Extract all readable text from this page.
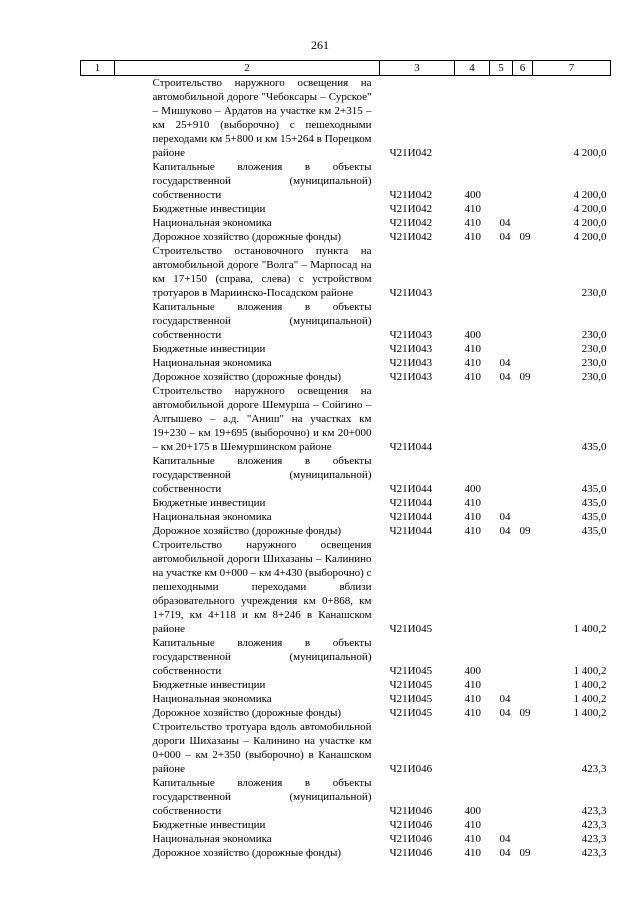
261
1	2	3	4	5	6	7
	Строительство наружного освещения на автомобильной дороге "Чебоксары – Сурское" – Мишуково – Ардатов на участке км 2+315 – км 25+910 (выборочно) с пешеходными переходами км 5+800 и км 15+264 в Порецком районе	Ч21И042				4 200,0
	Капитальные вложения в объекты государственной (муниципальной) собственности	Ч21И042	400			4 200,0
	Бюджетные инвестиции	Ч21И042	410			4 200,0
	Национальная экономика	Ч21И042	410	04		4 200,0
	Дорожное хозяйство (дорожные фонды)	Ч21И042	410	04	09	4 200,0
	Строительство остановочного пункта на автомобильной дороге "Волга" – Марпосад на км 17+150 (справа, слева) с устройством тротуаров в Мариинско-Посадском районе	Ч21И043				230,0
	Капитальные вложения в объекты государственной (муниципальной) собственности	Ч21И043	400			230,0
	Бюджетные инвестиции	Ч21И043	410			230,0
	Национальная экономика	Ч21И043	410	04		230,0
	Дорожное хозяйство (дорожные фонды)	Ч21И043	410	04	09	230,0
	Строительство наружного освещения на автомобильной дороге Шемурша – Сойгино – Алтышево – а.д. "Аниш" на участках км 19+230 – км 19+695 (выборочно) и км 20+000 – км 20+175 в Шемуршинском районе	Ч21И044				435,0
	Капитальные вложения в объекты государственной (муниципальной) собственности	Ч21И044	400			435,0
	Бюджетные инвестиции	Ч21И044	410			435,0
	Национальная экономика	Ч21И044	410	04		435,0
	Дорожное хозяйство (дорожные фонды)	Ч21И044	410	04	09	435,0
	Строительство наружного освещения автомобильной дороги Шихазаны – Калинино на участке км 0+000 – км 4+430 (выборочно) с пешеходными переходами вблизи образовательного учреждения км 0+868, км 1+719, км 4+118 и км 8+246 в Канашском районе	Ч21И045				1 400,2
	Капитальные вложения в объекты государственной (муниципальной) собственности	Ч21И045	400			1 400,2
	Бюджетные инвестиции	Ч21И045	410			1 400,2
	Национальная экономика	Ч21И045	410	04		1 400,2
	Дорожное хозяйство (дорожные фонды)	Ч21И045	410	04	09	1 400,2
	Строительство тротуара вдоль автомобильной дороги Шихазаны – Калинино на участке км 0+000 – км 2+350 (выборочно) в Канашском районе	Ч21И046				423,3
	Капитальные вложения в объекты государственной (муниципальной) собственности	Ч21И046	400			423,3
	Бюджетные инвестиции	Ч21И046	410			423,3
	Национальная экономика	Ч21И046	410	04		423,3
	Дорожное хозяйство (дорожные фонды)	Ч21И046	410	04	09	423,3
